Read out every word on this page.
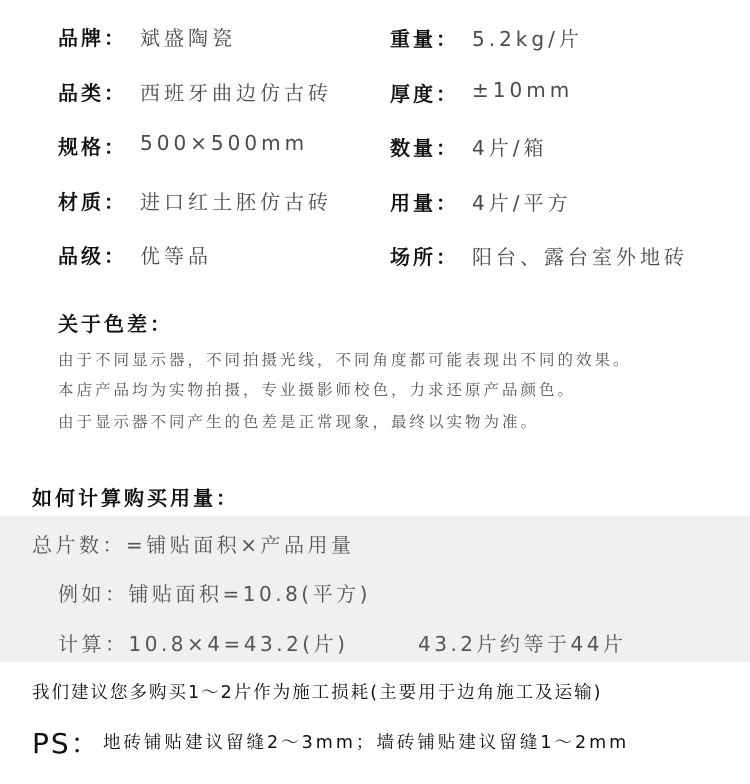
品牌： 斌盛陶瓷
品类： 西班牙曲边仿古砖
规格： 500×500mm
材质： 进口红土胚仿古砖
品级： 优等品
重量： 5.2kg/片
厚度： ±10mm
数量： 4片/箱
用量： 4片/平方
场所： 阳台、露台室外地砖
关于色差：
由于不同显示器，不同拍摄光线，不同角度都可能表现出不同的效果。
本店产品均为实物拍摄，专业摄影师校色，力求还原产品颜色。
由于显示器不同产生的色差是正常现象，最终以实物为准。
如何计算购买用量：
总片数：=铺贴面积×产品用量
例如：铺贴面积=10.8(平方)
计算：10.8×4=43.2(片)	43.2片约等于44片
我们建议您多购买1～2片作为施工损耗(主要用于边角施工及运输)
PS： 地砖铺贴建议留缝2～3mm；墙砖铺贴建议留缝1～2mm
